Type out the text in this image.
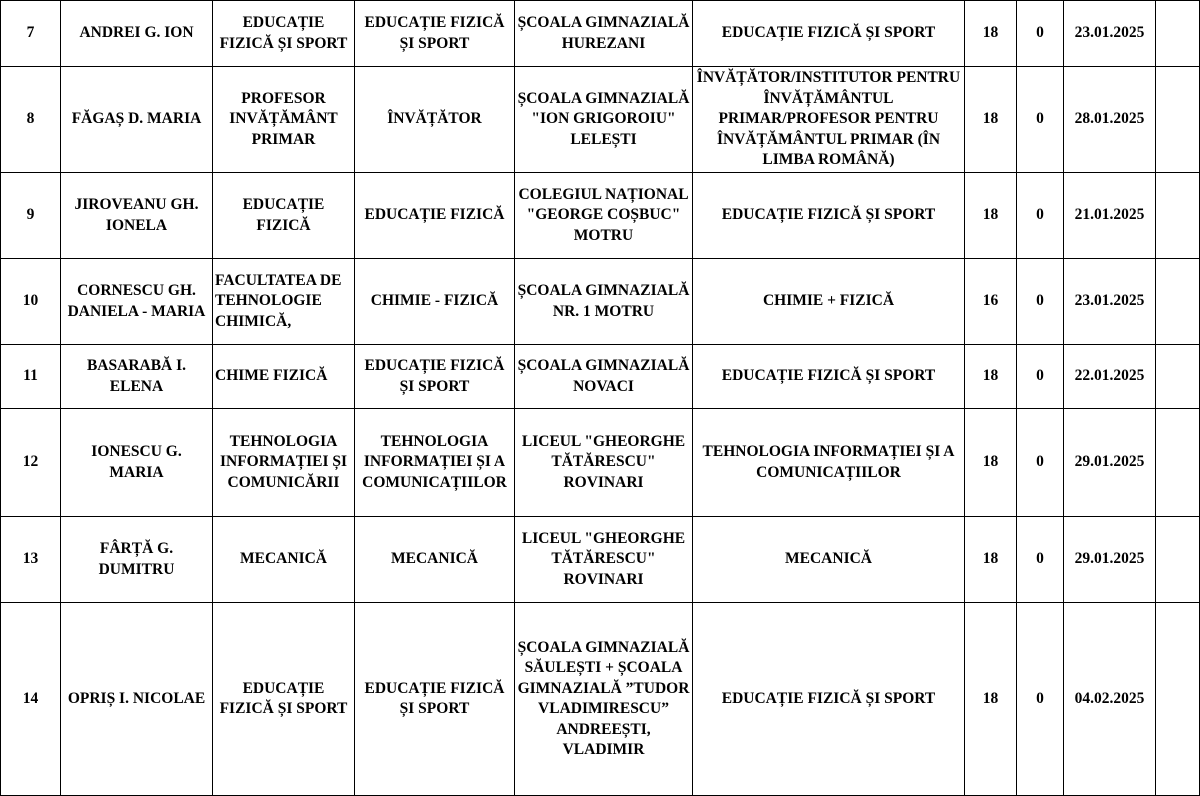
7	ANDREI G. ION	EDUCAȚIE FIZICĂ ȘI SPORT	EDUCAȚIE FIZICĂ ȘI SPORT	ȘCOALA GIMNAZIALĂ HUREZANI	EDUCAȚIE FIZICĂ ȘI SPORT	18	0	23.01.2025	
8	FĂGAȘ D. MARIA	PROFESOR INVĂȚĂMÂNT PRIMAR	ÎNVĂȚĂTOR	ȘCOALA GIMNAZIALĂ "ION GRIGOROIU" LELEȘTI	ÎNVĂȚĂTOR/INSTITUTOR PENTRU ÎNVĂȚĂMÂNTUL PRIMAR/PROFESOR PENTRU ÎNVĂȚĂMÂNTUL PRIMAR (ÎN LIMBA ROMÂNĂ)	18	0	28.01.2025	
9	JIROVEANU GH. IONELA	EDUCAȚIE FIZICĂ	EDUCAȚIE FIZICĂ	COLEGIUL NAȚIONAL "GEORGE COȘBUC" MOTRU	EDUCAȚIE FIZICĂ ȘI SPORT	18	0	21.01.2025	
10	CORNESCU GH. DANIELA - MARIA	FACULTATEA DE TEHNOLOGIE CHIMICĂ,	CHIMIE - FIZICĂ	ȘCOALA GIMNAZIALĂ NR. 1 MOTRU	CHIMIE + FIZICĂ	16	0	23.01.2025	
11	BASARABĂ I. ELENA	CHIME FIZICĂ	EDUCAȚIE FIZICĂ ȘI SPORT	ȘCOALA GIMNAZIALĂ NOVACI	EDUCAȚIE FIZICĂ ȘI SPORT	18	0	22.01.2025	
12	IONESCU G. MARIA	TEHNOLOGIA INFORMAȚIEI ȘI COMUNICĂRII	TEHNOLOGIA INFORMAȚIEI ȘI A COMUNICAȚIILOR	LICEUL "GHEORGHE TĂTĂRESCU" ROVINARI	TEHNOLOGIA INFORMAȚIEI ȘI A COMUNICAȚIILOR	18	0	29.01.2025	
13	FÂRȚĂ G. DUMITRU	MECANICĂ	MECANICĂ	LICEUL "GHEORGHE TĂTĂRESCU" ROVINARI	MECANICĂ	18	0	29.01.2025	
14	OPRIȘ I. NICOLAE	EDUCAȚIE FIZICĂ ȘI SPORT	EDUCAȚIE FIZICĂ ȘI SPORT	ȘCOALA GIMNAZIALĂ SĂULEȘTI + ȘCOALA GIMNAZIALĂ ”TUDOR VLADIMIRESCU” ANDREEȘTI, VLADIMIR	EDUCAȚIE FIZICĂ ȘI SPORT	18	0	04.02.2025	
